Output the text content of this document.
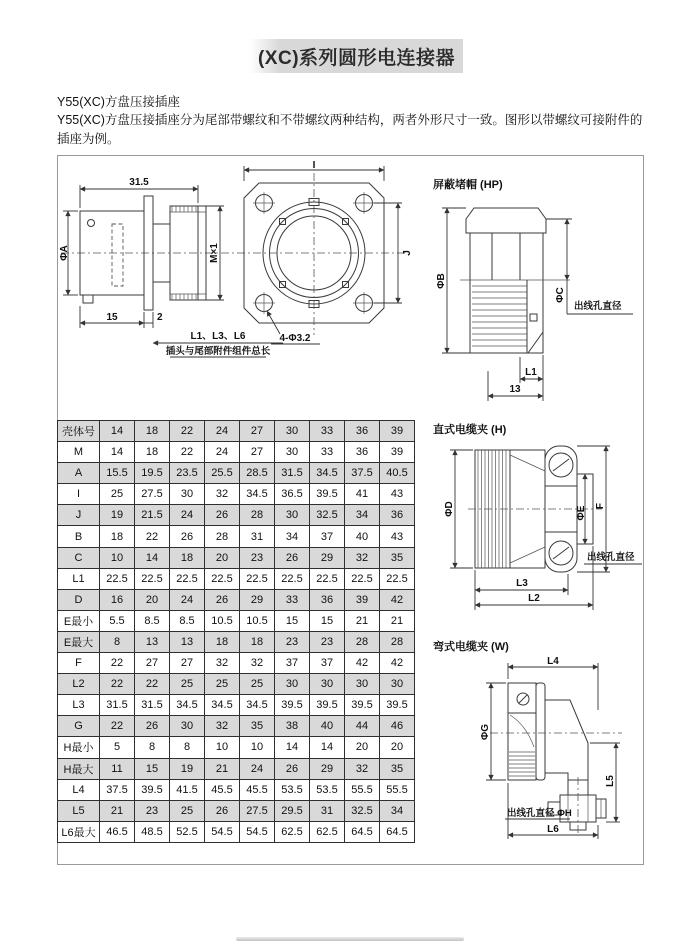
(XC)系列圆形电连接器
Y55(XC)方盘压接插座
Y55(XC)方盘压接插座分为尾部带螺纹和不带螺纹两种结构，两者外形尺寸一致。图形以带螺纹可接附件的插座为例。
31.5
ΦA	M×1
15	2
L1、L3、L6
插头与尾部附件组件总长
I
J
4-Φ3.2
屏蔽堵帽 (HP)
ΦB
ΦC
出线孔直径
L1
13
直式电缆夹 (H)
ΦD	ΦE F
出线孔直径
L3
L2
弯式电缆夹 (W)
L4
ΦG
L5
出线孔直径 ΦH
L6
壳体号	14	18	22	24	27	30	33	36	39
M	14	18	22	24	27	30	33	36	39
A	15.5	19.5	23.5	25.5	28.5	31.5	34.5	37.5	40.5
I	25	27.5	30	32	34.5	36.5	39.5	41	43
J	19	21.5	24	26	28	30	32.5	34	36
B	18	22	26	28	31	34	37	40	43
C	10	14	18	20	23	26	29	32	35
L1	22.5	22.5	22.5	22.5	22.5	22.5	22.5	22.5	22.5
D	16	20	24	26	29	33	36	39	42
E最小	5.5	8.5	8.5	10.5	10.5	15	15	21	21
E最大	8	13	13	18	18	23	23	28	28
F	22	27	27	32	32	37	37	42	42
L2	22	22	25	25	25	30	30	30	30
L3	31.5	31.5	34.5	34.5	34.5	39.5	39.5	39.5	39.5
G	22	26	30	32	35	38	40	44	46
H最小	5	8	8	10	10	14	14	20	20
H最大	11	15	19	21	24	26	29	32	35
L4	37.5	39.5	41.5	45.5	45.5	53.5	53.5	55.5	55.5
L5	21	23	25	26	27.5	29.5	31	32.5	34
L6最大	46.5	48.5	52.5	54.5	54.5	62.5	62.5	64.5	64.5
